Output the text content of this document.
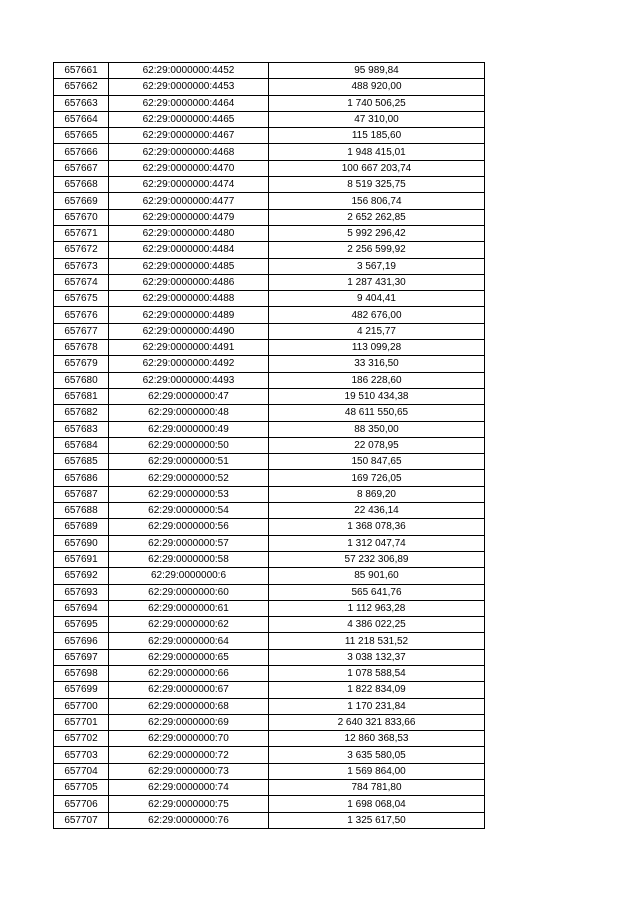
657661	62:29:0000000:4452	95 989,84
657662	62:29:0000000:4453	488 920,00
657663	62:29:0000000:4464	1 740 506,25
657664	62:29:0000000:4465	47 310,00
657665	62:29:0000000:4467	115 185,60
657666	62:29:0000000:4468	1 948 415,01
657667	62:29:0000000:4470	100 667 203,74
657668	62:29:0000000:4474	8 519 325,75
657669	62:29:0000000:4477	156 806,74
657670	62:29:0000000:4479	2 652 262,85
657671	62:29:0000000:4480	5 992 296,42
657672	62:29:0000000:4484	2 256 599,92
657673	62:29:0000000:4485	3 567,19
657674	62:29:0000000:4486	1 287 431,30
657675	62:29:0000000:4488	9 404,41
657676	62:29:0000000:4489	482 676,00
657677	62:29:0000000:4490	4 215,77
657678	62:29:0000000:4491	113 099,28
657679	62:29:0000000:4492	33 316,50
657680	62:29:0000000:4493	186 228,60
657681	62:29:0000000:47	19 510 434,38
657682	62:29:0000000:48	48 611 550,65
657683	62:29:0000000:49	88 350,00
657684	62:29:0000000:50	22 078,95
657685	62:29:0000000:51	150 847,65
657686	62:29:0000000:52	169 726,05
657687	62:29:0000000:53	8 869,20
657688	62:29:0000000:54	22 436,14
657689	62:29:0000000:56	1 368 078,36
657690	62:29:0000000:57	1 312 047,74
657691	62:29:0000000:58	57 232 306,89
657692	62:29:0000000:6	85 901,60
657693	62:29:0000000:60	565 641,76
657694	62:29:0000000:61	1 112 963,28
657695	62:29:0000000:62	4 386 022,25
657696	62:29:0000000:64	11 218 531,52
657697	62:29:0000000:65	3 038 132,37
657698	62:29:0000000:66	1 078 588,54
657699	62:29:0000000:67	1 822 834,09
657700	62:29:0000000:68	1 170 231,84
657701	62:29:0000000:69	2 640 321 833,66
657702	62:29:0000000:70	12 860 368,53
657703	62:29:0000000:72	3 635 580,05
657704	62:29:0000000:73	1 569 864,00
657705	62:29:0000000:74	784 781,80
657706	62:29:0000000:75	1 698 068,04
657707	62:29:0000000:76	1 325 617,50
